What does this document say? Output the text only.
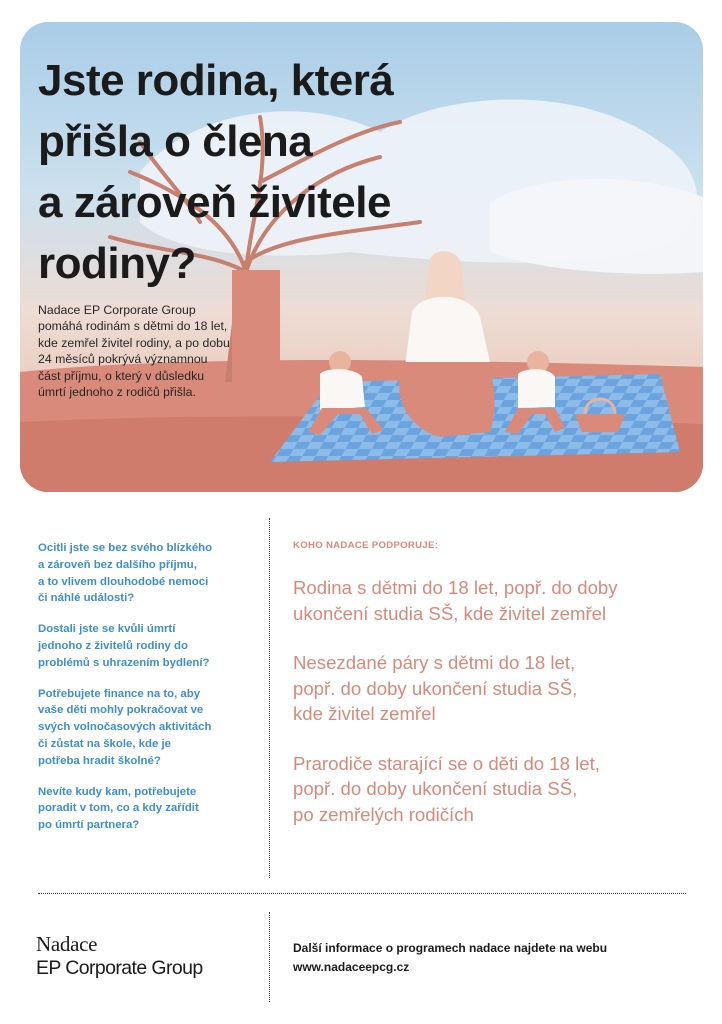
Jste rodina, která
přišla o člena
a zároveň živitele
rodiny?

Nadace EP Corporate Group
pomáhá rodinám s dětmi do 18 let,
kde zemřel živitel rodiny, a po dobu
24 měsíců pokrývá významnou
část příjmu, o který v důsledku
úmrtí jednoho z rodičů přišla.

Ocitli jste se bez svého blízkého
a zároveň bez dalšího příjmu,
a to vlivem dlouhodobé nemoci
či náhlé události?

Dostali jste se kvůli úmrtí
jednoho z živitelů rodiny do
problémů s uhrazením bydlení?

Potřebujete finance na to, aby
vaše děti mohly pokračovat ve
svých volnočasových aktivitách
či zůstat na škole, kde je
potřeba hradit školné?

Nevíte kudy kam, potřebujete
poradit v tom, co a kdy zařídit
po úmrtí partnera?

KOHO NADACE PODPORUJE:

Rodina s dětmi do 18 let, popř. do doby
ukončení studia SŠ, kde živitel zemřel

Nesezdané páry s dětmi do 18 let,
popř. do doby ukončení studia SŠ,
kde živitel zemřel

Prarodiče starající se o děti do 18 let,
popř. do doby ukončení studia SŠ,
po zemřelých rodičích

Nadace
EP Corporate Group
Další informace o programech nadace najdete na webu
www.nadaceepcg.cz
